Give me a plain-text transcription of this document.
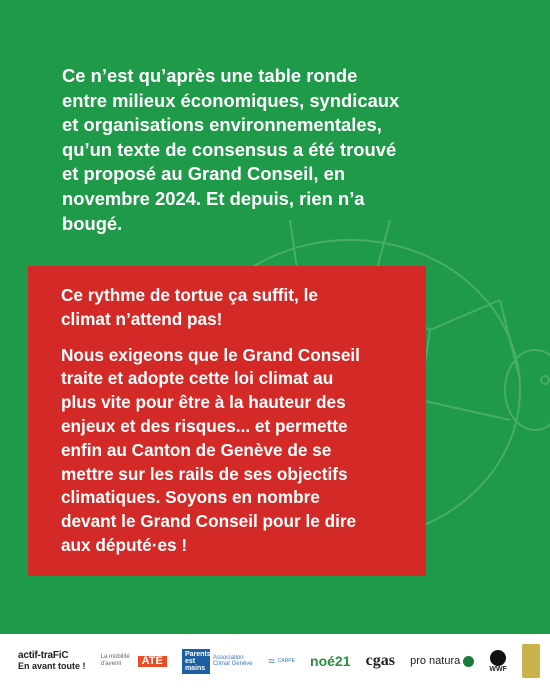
Ce n’est qu’après une table ronde

entre milieux économiques, syndicaux

et organisations environnementales,

qu’un texte de consensus a été trouvé

et proposé au Grand Conseil, en

novembre 2024. Et depuis, rien n’a

bougé.

Ce rythme de tortue ça suffit, le
climat n’attend pas!

Nous exigeons que le Grand Conseil
traite et adopte cette loi climat au
plus vite pour être à la hauteur des
enjeux et des risques... et permette
enfin au Canton de Genève de se
mettre sur les rails de ses objectifs
climatiques. Soyons en nombre
devant le Grand Conseil pour le dire
aux député·es !

actif-traFiC
En avant toute !
La mobilité d’avenir	ATE
Parents est mains
Association Climat Genève ≈ CARPE noé21 cgas pro natura
WWF
